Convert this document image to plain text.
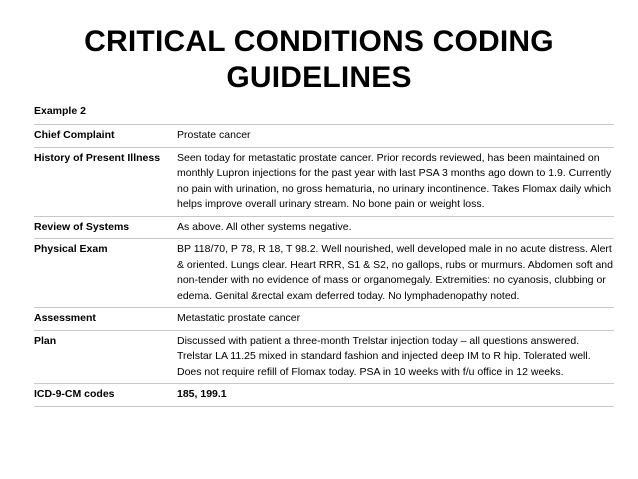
CRITICAL CONDITIONS CODING
GUIDELINES
Example 2
Chief Complaint	Prostate cancer
History of Present Illness	Seen today for metastatic prostate cancer. Prior records reviewed, has been maintained on monthly Lupron injections for the past year with last PSA 3 months ago down to 1.9. Currently no pain with urination, no gross hematuria, no urinary incontinence. Takes Flomax daily which helps improve overall urinary stream. No bone pain or weight loss.
Review of Systems	As above. All other systems negative.
Physical Exam	BP 118/70, P 78, R 18, T 98.2. Well nourished, well developed male in no acute distress. Alert & oriented. Lungs clear. Heart RRR, S1 & S2, no gallops, rubs or murmurs. Abdomen soft and non-tender with no evidence of mass or organomegaly. Extremities: no cyanosis, clubbing or edema. Genital &rectal exam deferred today. No lymphadenopathy noted.
Assessment	Metastatic prostate cancer
Plan	Discussed with patient a three-month Trelstar injection today – all questions answered. Trelstar LA 11.25 mixed in standard fashion and injected deep IM to R hip. Tolerated well. Does not require refill of Flomax today. PSA in 10 weeks with f/u office in 12 weeks.
ICD-9-CM codes	185, 199.1
